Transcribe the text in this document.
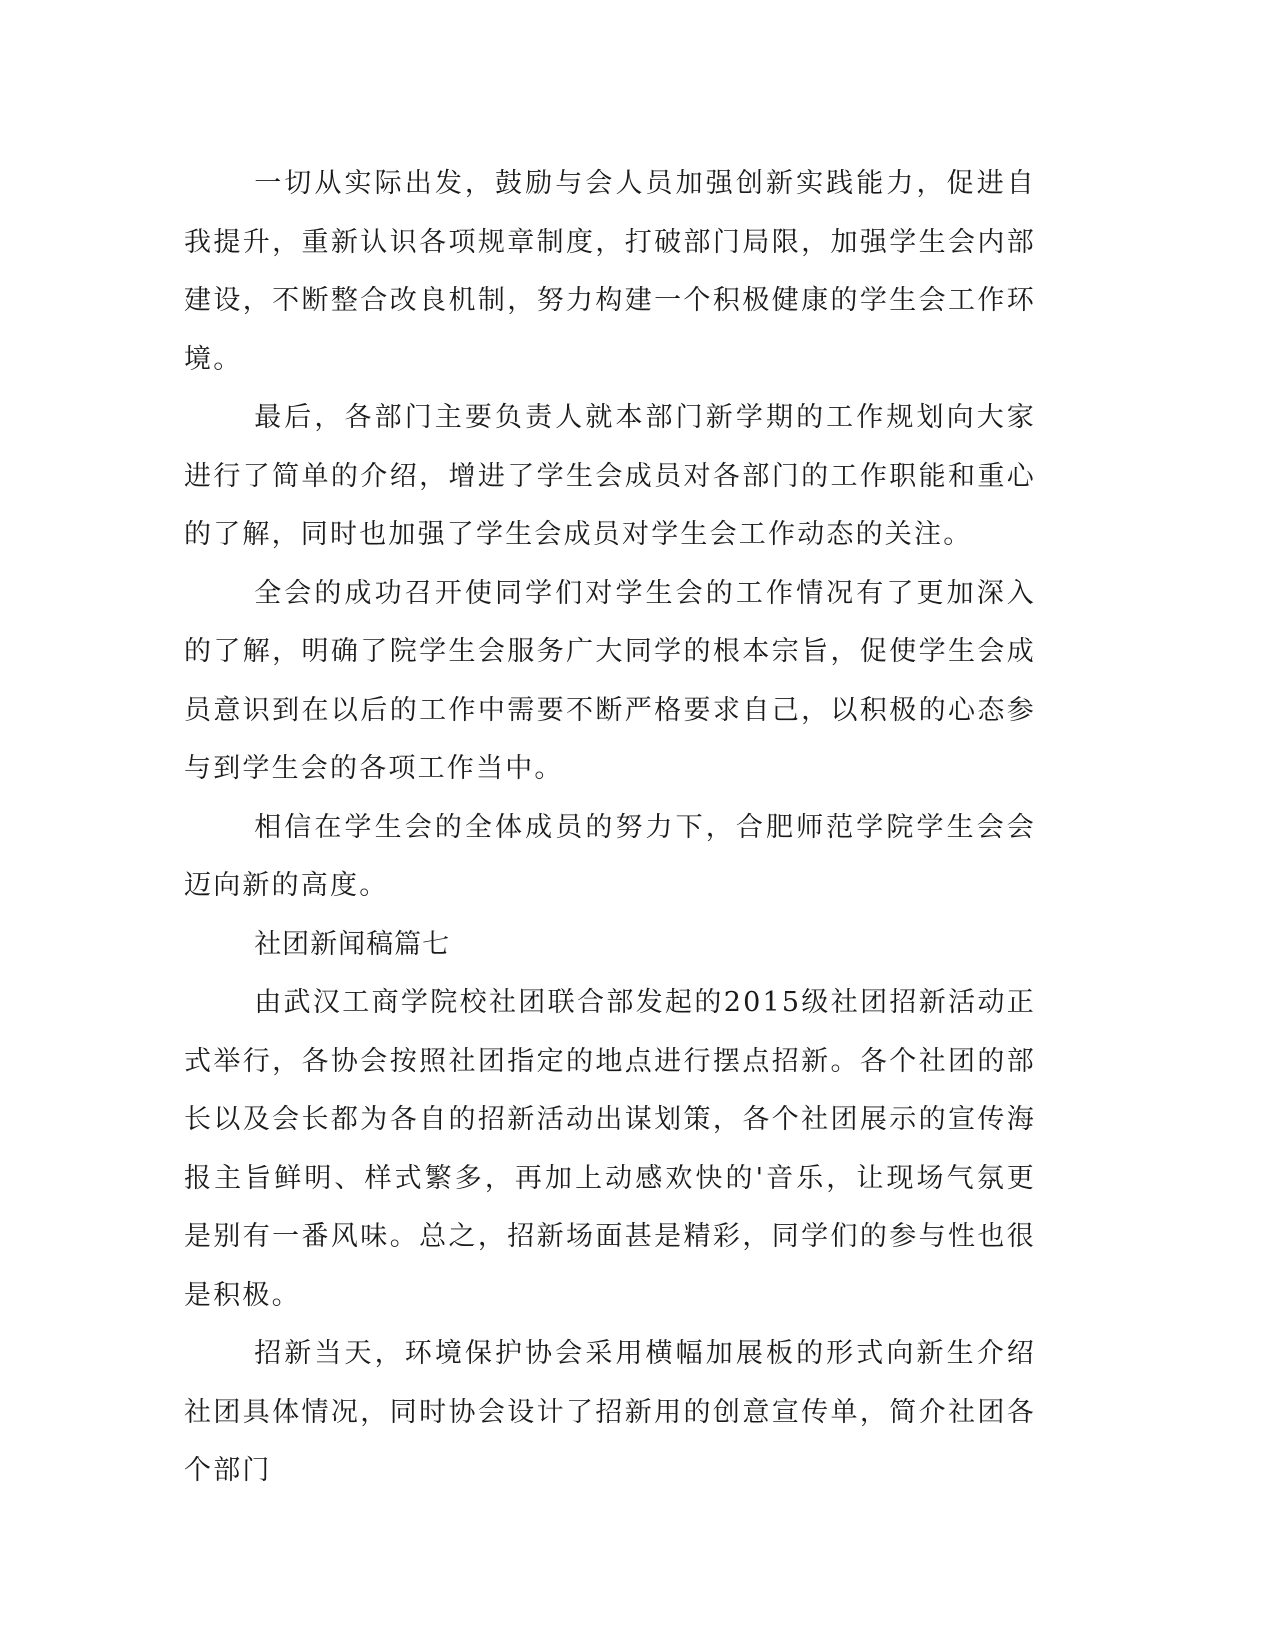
一切从实际出发，鼓励与会人员加强创新实践能力，促进自我提升，重新认识各项规章制度，打破部门局限，加强学生会内部建设，不断整合改良机制，努力构建一个积极健康的学生会工作环境。

最后，各部门主要负责人就本部门新学期的工作规划向大家进行了简单的介绍，增进了学生会成员对各部门的工作职能和重心的了解，同时也加强了学生会成员对学生会工作动态的关注。

全会的成功召开使同学们对学生会的工作情况有了更加深入的了解，明确了院学生会服务广大同学的根本宗旨，促使学生会成员意识到在以后的工作中需要不断严格要求自己，以积极的心态参与到学生会的各项工作当中。

相信在学生会的全体成员的努力下，合肥师范学院学生会会迈向新的高度。

社团新闻稿篇七

由武汉工商学院校社团联合部发起的2015级社团招新活动正式举行，各协会按照社团指定的地点进行摆点招新。各个社团的部长以及会长都为各自的招新活动出谋划策，各个社团展示的宣传海报主旨鲜明、样式繁多，再加上动感欢快的'音乐，让现场气氛更是别有一番风味。总之，招新场面甚是精彩，同学们的参与性也很是积极。

招新当天，环境保护协会采用横幅加展板的形式向新生介绍社团具体情况，同时协会设计了招新用的创意宣传单，简介社团各个部门
